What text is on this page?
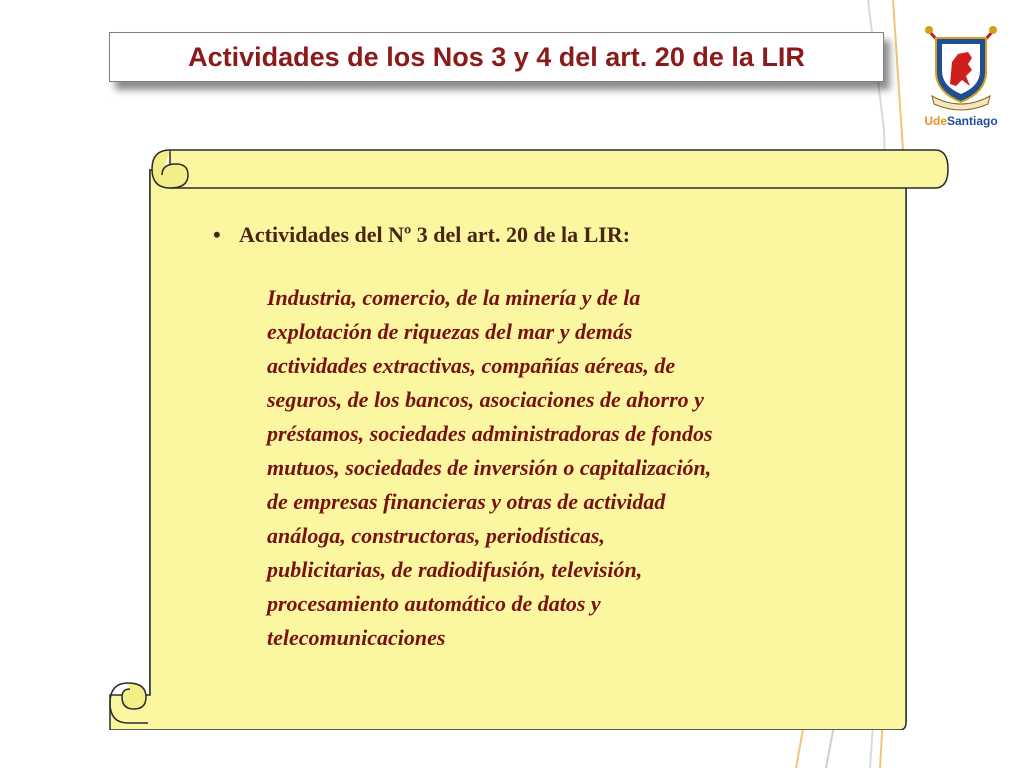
Actividades de los Nos 3 y 4 del art. 20 de la LIR
UdeSantiago
• Actividades del Nº 3 del art. 20 de la LIR:
Industria, comercio, de la minería y de la
explotación de riquezas del mar y demás
actividades extractivas, compañías aéreas, de
seguros, de los bancos, asociaciones de ahorro y
préstamos, sociedades administradoras de fondos
mutuos, sociedades de inversión o capitalización,
de empresas financieras y otras de actividad
análoga, constructoras, periodísticas,
publicitarias, de radiodifusión, televisión,
procesamiento automático de datos y
telecomunicaciones
